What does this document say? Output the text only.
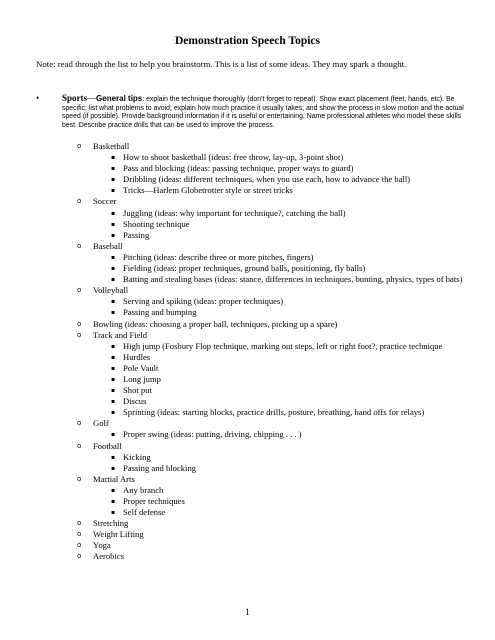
Demonstration Speech Topics
Note: read through the list to help you brainstorm. This is a list of some ideas. They may spark a thought.
•	Sports—General tips: explain the technique thoroughly (don’t forget to repeat). Show exact placement (feet, hands, etc). Be specific; list what problems to avoid; explain how much practice it usually takes; and show the process in slow motion and the actual speed (if possible). Provide background information if it is useful or entertaining. Name professional athletes who model these skills best. Describe practice drills that can be used to improve the process.
o Basketball
▪ How to shoot basketball (ideas: free throw, lay-up, 3-point shot)
▪ Pass and blocking (ideas: passing technique, proper ways to guard)
▪ Dribbling (ideas: different techniques, when you use each, how to advance the ball)
▪ Tricks—Harlem Globetrotter style or street tricks
o Soccer
▪ Juggling (ideas: why important for technique?, catching the ball)
▪ Shooting technique
▪ Passing
o Baseball
▪ Pitching (ideas: describe three or more pitches, fingers)
▪ Fielding (ideas: proper techniques, ground balls, positioning, fly balls)
▪ Batting and stealing bases (ideas: stance, differences in techniques, bunting, physics, types of bats)
o Volleyball
▪ Serving and spiking (ideas: proper techniques)
▪ Passing and bumping
o Bowling (ideas: choosing a proper ball, techniques, picking up a spare)
o Track and Field
▪ High jump (Fosbury Flop technique, marking out steps, left or right foot?, practice technique
▪ Hurdles
▪ Pole Vault
▪ Long jump
▪ Shot put
▪ Discus
▪ Sprinting (ideas: starting blocks, practice drills, posture, breathing, hand offs for relays)
o Golf
▪ Proper swing (ideas: putting, driving, chipping . . . )
o Football
▪ Kicking
▪ Passing and blocking
o Martial Arts
▪ Any branch
▪ Proper techniques
▪ Self defense
o Stretching
o Weight Lifting
o Yoga
o Aerobics
1
